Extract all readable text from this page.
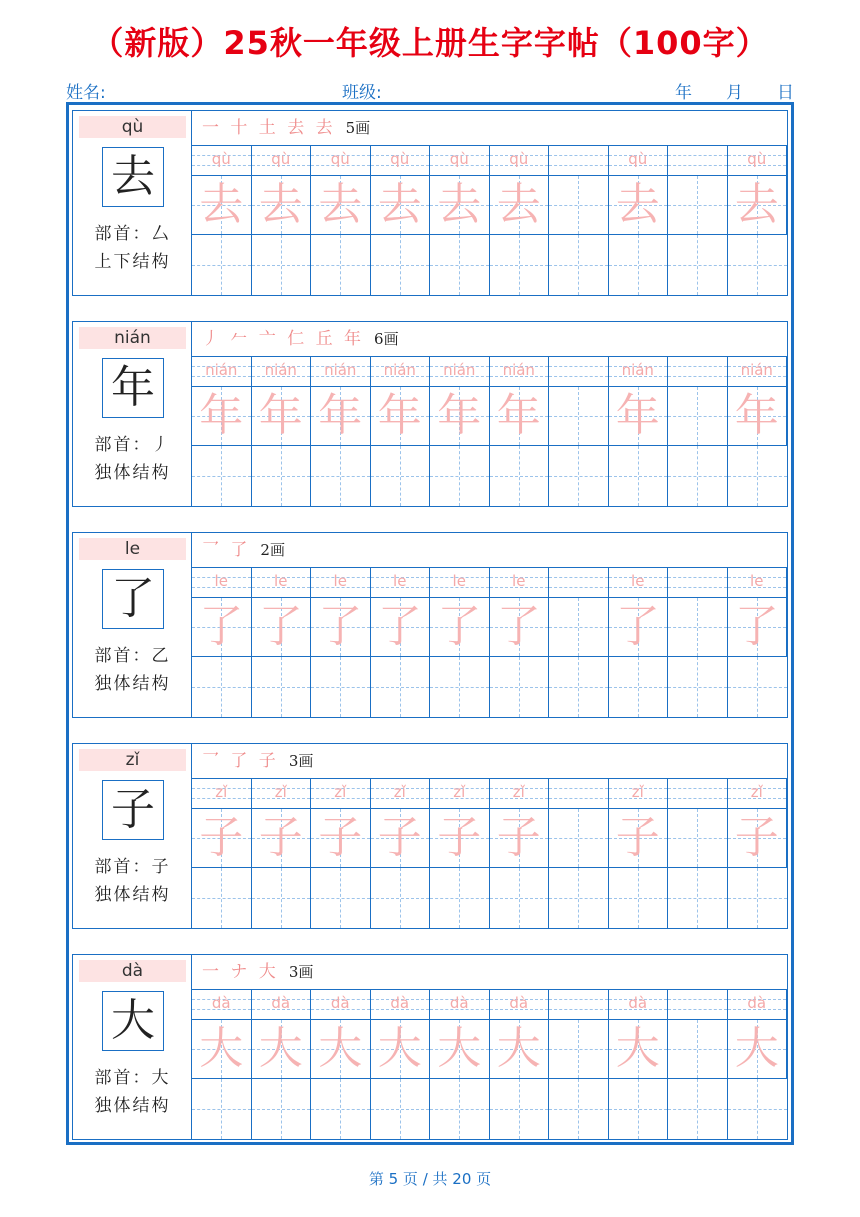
（新版）25秋一年级上册生字字帖（100字）
姓名:	班级:	年　　月　　日
qù
去
部首：厶
上下结构
一 十 土 去 去 5画
qù
去
qù
去
qù
去
qù
去
qù
去
qù
去
qù
去
qù
去
nián
年
部首：丿
独体结构
丿 𠂉 亠 仁 丘 年 6画
nián
年
nián
年
nián
年
nián
年
nián
年
nián
年
nián
年
nián
年
le
了
部首：乙
独体结构
乛 了 2画
le
了
le
了
le
了
le
了
le
了
le
了
le
了
le
了
zǐ
子
部首：子
独体结构
乛 了 子 3画
zǐ
子
zǐ
子
zǐ
子
zǐ
子
zǐ
子
zǐ
子
zǐ
子
zǐ
子
dà
大
部首：大
独体结构
一 ナ 大 3画
dà
大
dà
大
dà
大
dà
大
dà
大
dà
大
dà
大
dà
大
第 5 页 / 共 20 页
